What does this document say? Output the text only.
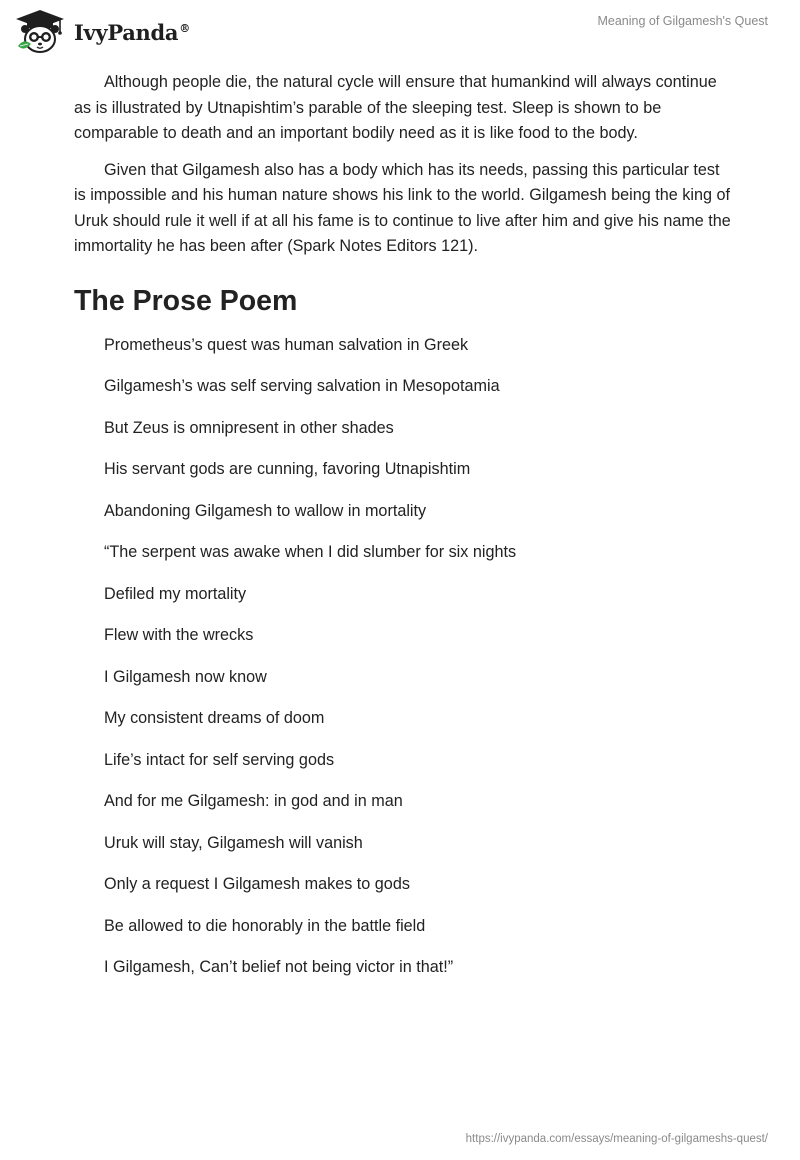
IvyPanda®	Meaning of Gilgamesh's Quest

Although people die, the natural cycle will ensure that humankind will always continue as is illustrated by Utnapishtim’s parable of the sleeping test. Sleep is shown to be comparable to death and an important bodily need as it is like food to the body.

Given that Gilgamesh also has a body which has its needs, passing this particular test is impossible and his human nature shows his link to the world. Gilgamesh being the king of Uruk should rule it well if at all his fame is to continue to live after him and give his name the immortality he has been after (Spark Notes Editors 121).

The Prose Poem
Prometheus’s quest was human salvation in Greek
Gilgamesh’s was self serving salvation in Mesopotamia
But Zeus is omnipresent in other shades
His servant gods are cunning, favoring Utnapishtim
Abandoning Gilgamesh to wallow in mortality
“The serpent was awake when I did slumber for six nights
Defiled my mortality
Flew with the wrecks
I Gilgamesh now know
My consistent dreams of doom
Life’s intact for self serving gods
And for me Gilgamesh: in god and in man
Uruk will stay, Gilgamesh will vanish
Only a request I Gilgamesh makes to gods
Be allowed to die honorably in the battle field
I Gilgamesh, Can’t belief not being victor in that!”
https://ivypanda.com/essays/meaning-of-gilgameshs-quest/
